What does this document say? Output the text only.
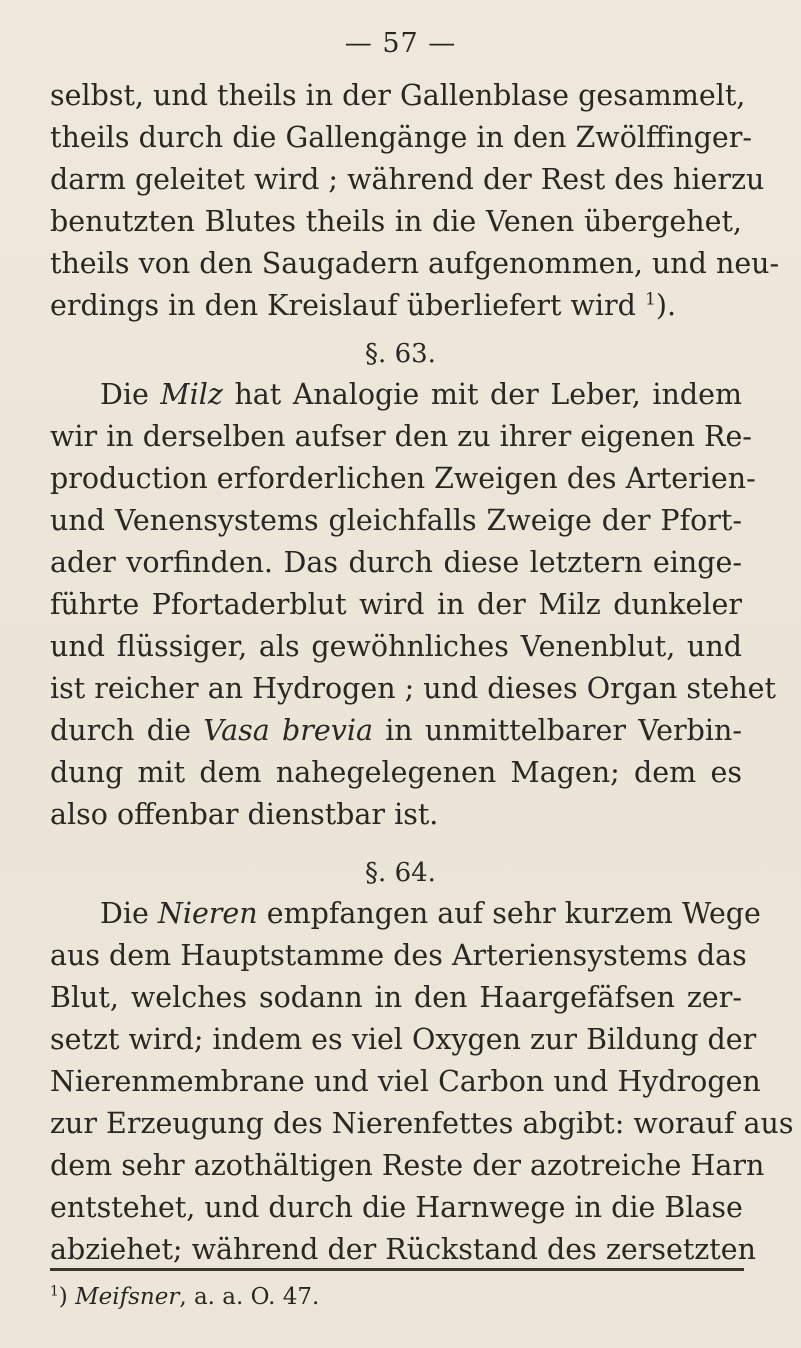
— 57 —
selbst, und theils in der Gallenblase gesammelt,
theils durch die Gallengänge in den Zwölffinger-
darm geleitet wird ; während der Rest des hierzu
benutzten Blutes theils in die Venen übergehet,
theils von den Saugadern aufgenommen, und neu-
erdings in den Kreislauf überliefert wird $^1$).
§. 63.
Die Milz hat Analogie mit der Leber, indem
wir in derselben aufser den zu ihrer eigenen Re-
production erforderlichen Zweigen des Arterien-
und Venensystems gleichfalls Zweige der Pfort-
ader vorfinden. Das durch diese letztern einge-
führte Pfortaderblut wird in der Milz dunkeler
und flüssiger, als gewöhnliches Venenblut, und
ist reicher an Hydrogen ; und dieses Organ stehet
durch die Vasa brevia in unmittelbarer Verbin-
dung mit dem nahegelegenen Magen; dem es
also offenbar dienstbar ist.
§. 64.
Die Nieren empfangen auf sehr kurzem Wege
aus dem Hauptstamme des Arteriensystems das
Blut, welches sodann in den Haargefäfsen zer-
setzt wird; indem es viel Oxygen zur Bildung der
Nierenmembrane und viel Carbon und Hydrogen
zur Erzeugung des Nierenfettes abgibt: worauf aus
dem sehr azothältigen Reste der azotreiche Harn
entstehet, und durch die Harnwege in die Blase
abziehet; während der Rückstand des zersetzten
$^1$) Meifsner, a. a. O. 47.
